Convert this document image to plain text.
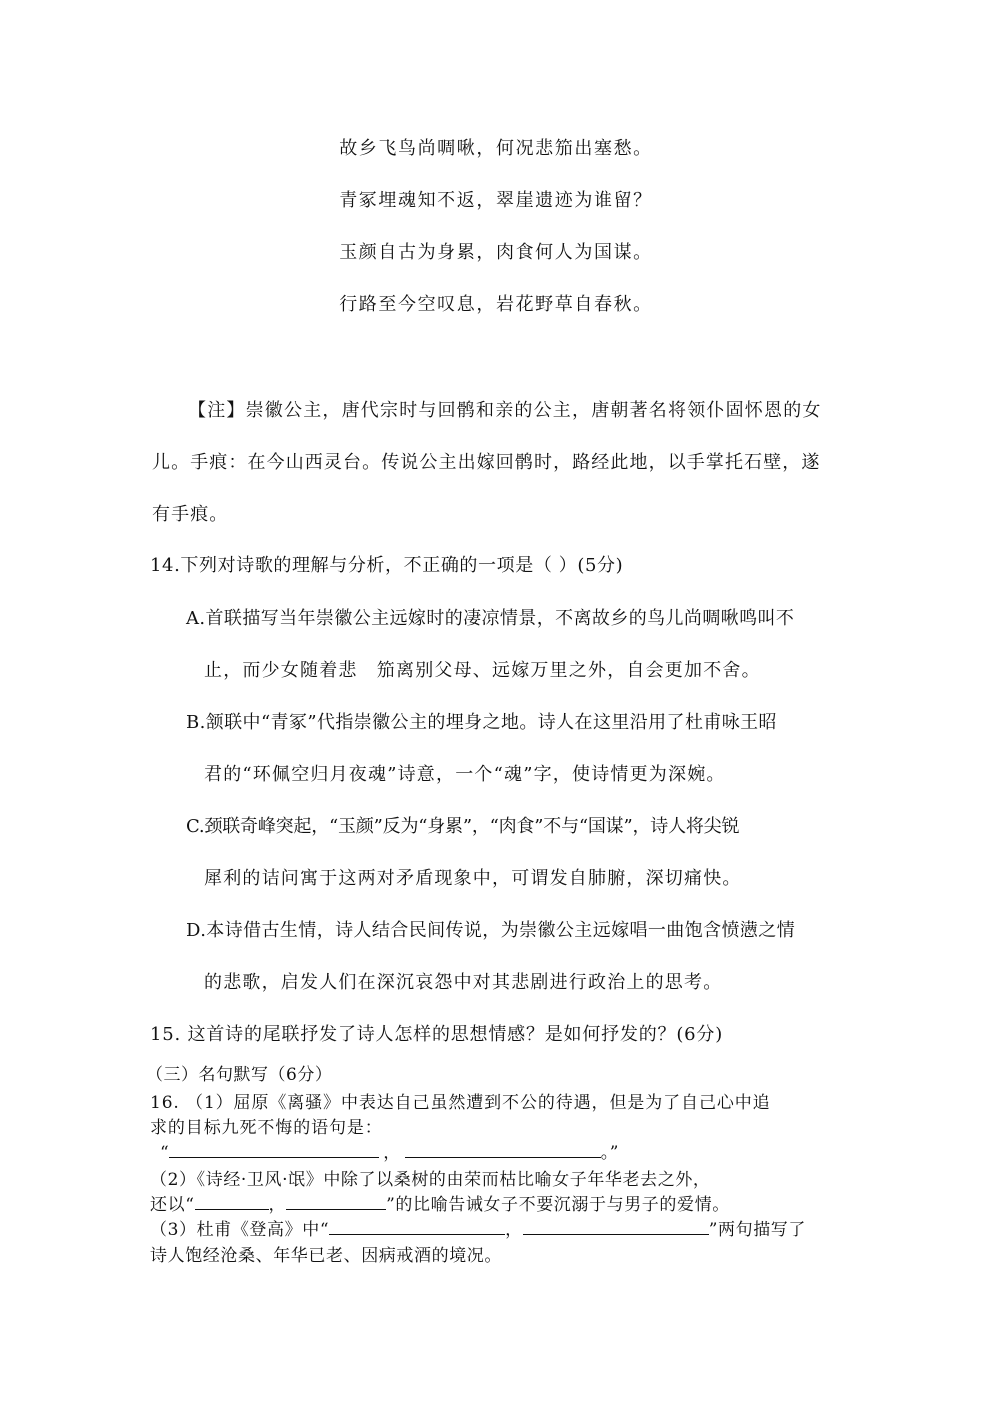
故乡飞鸟尚啁啾，何况悲笳出塞愁。
青冢埋魂知不返，翠崖遗迹为谁留？
玉颜自古为身累，肉食何人为国谋。
行路至今空叹息，岩花野草自春秋。
【注】崇徽公主，唐代宗时与回鹘和亲的公主，唐朝著名将领仆固怀恩的女
儿。手痕：在今山西灵台。传说公主出嫁回鹘时，路经此地，以手掌托石壁，遂
有手痕。
14.下列对诗歌的理解与分析，不正确的一项是（ ）(5分)
A.首联描写当年崇徽公主远嫁时的凄凉情景，不离故乡的鸟儿尚啁啾鸣叫不
止，而少女随着悲　笳离别父母、远嫁万里之外，自会更加不舍。
B.颔联中“青冢”代指崇徽公主的埋身之地。诗人在这里沿用了杜甫咏王昭
君的“环佩空归月夜魂”诗意，一个“魂”字，使诗情更为深婉。
C.颈联奇峰突起，“玉颜”反为“身累”，“肉食”不与“国谋”，诗人将尖锐
犀利的诘问寓于这两对矛盾现象中，可谓发自肺腑，深切痛快。
D.本诗借古生情，诗人结合民间传说，为崇徽公主远嫁唱一曲饱含愤懑之情
的悲歌，启发人们在深沉哀怨中对其悲剧进行政治上的思考。
15. 这首诗的尾联抒发了诗人怎样的思想情感？是如何抒发的？(6分)
（三）名句默写（6分）
16. （1）屈原《离骚》中表达自己虽然遭到不公的待遇，但是为了自己心中追
求的目标九死不悔的语句是：
“	，	。”
（2）《诗经·卫风·氓》中除了以桑树的由荣而枯比喻女子年华老去之外，
还以“	，	”的比喻告诫女子不要沉溺于与男子的爱情。
（3）杜甫《登高》中“	，	”两句描写了
诗人饱经沧桑、年华已老、因病戒酒的境况。
